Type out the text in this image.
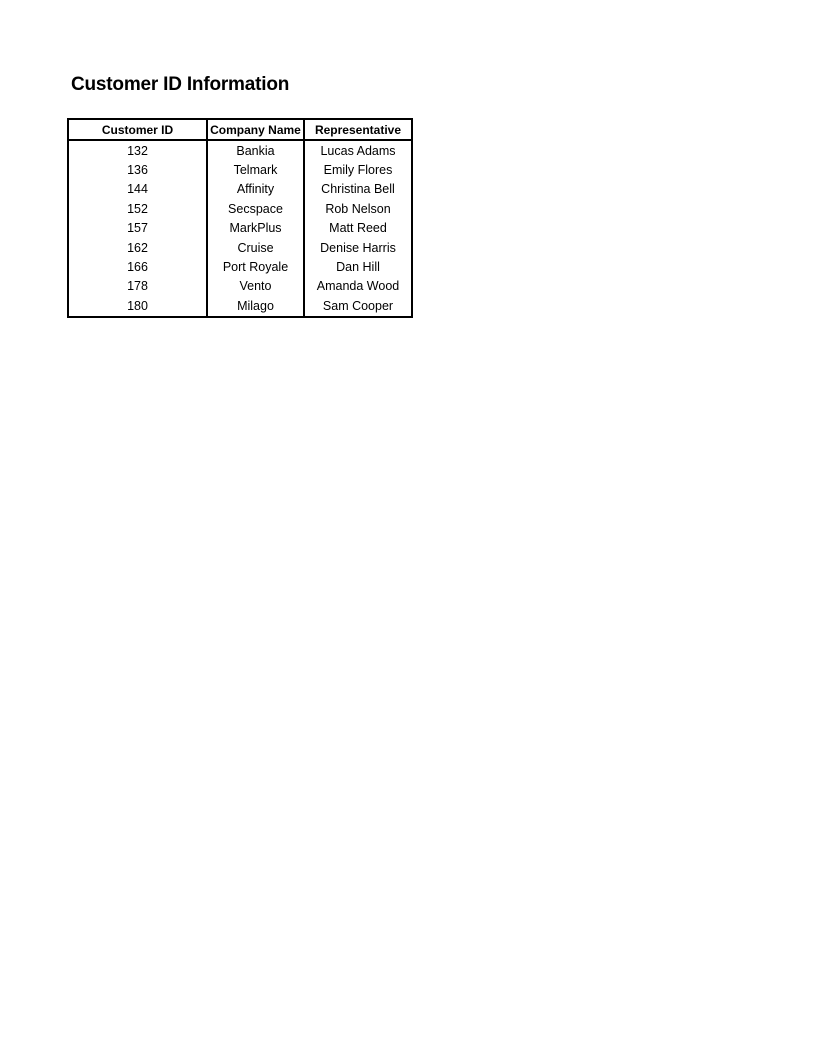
Customer ID Information
Customer ID	Company Name	Representative
132	Bankia	Lucas Adams
136	Telmark	Emily Flores
144	Affinity	Christina Bell
152	Secspace	Rob Nelson
157	MarkPlus	Matt Reed
162	Cruise	Denise Harris
166	Port Royale	Dan Hill
178	Vento	Amanda Wood
180	Milago	Sam Cooper
